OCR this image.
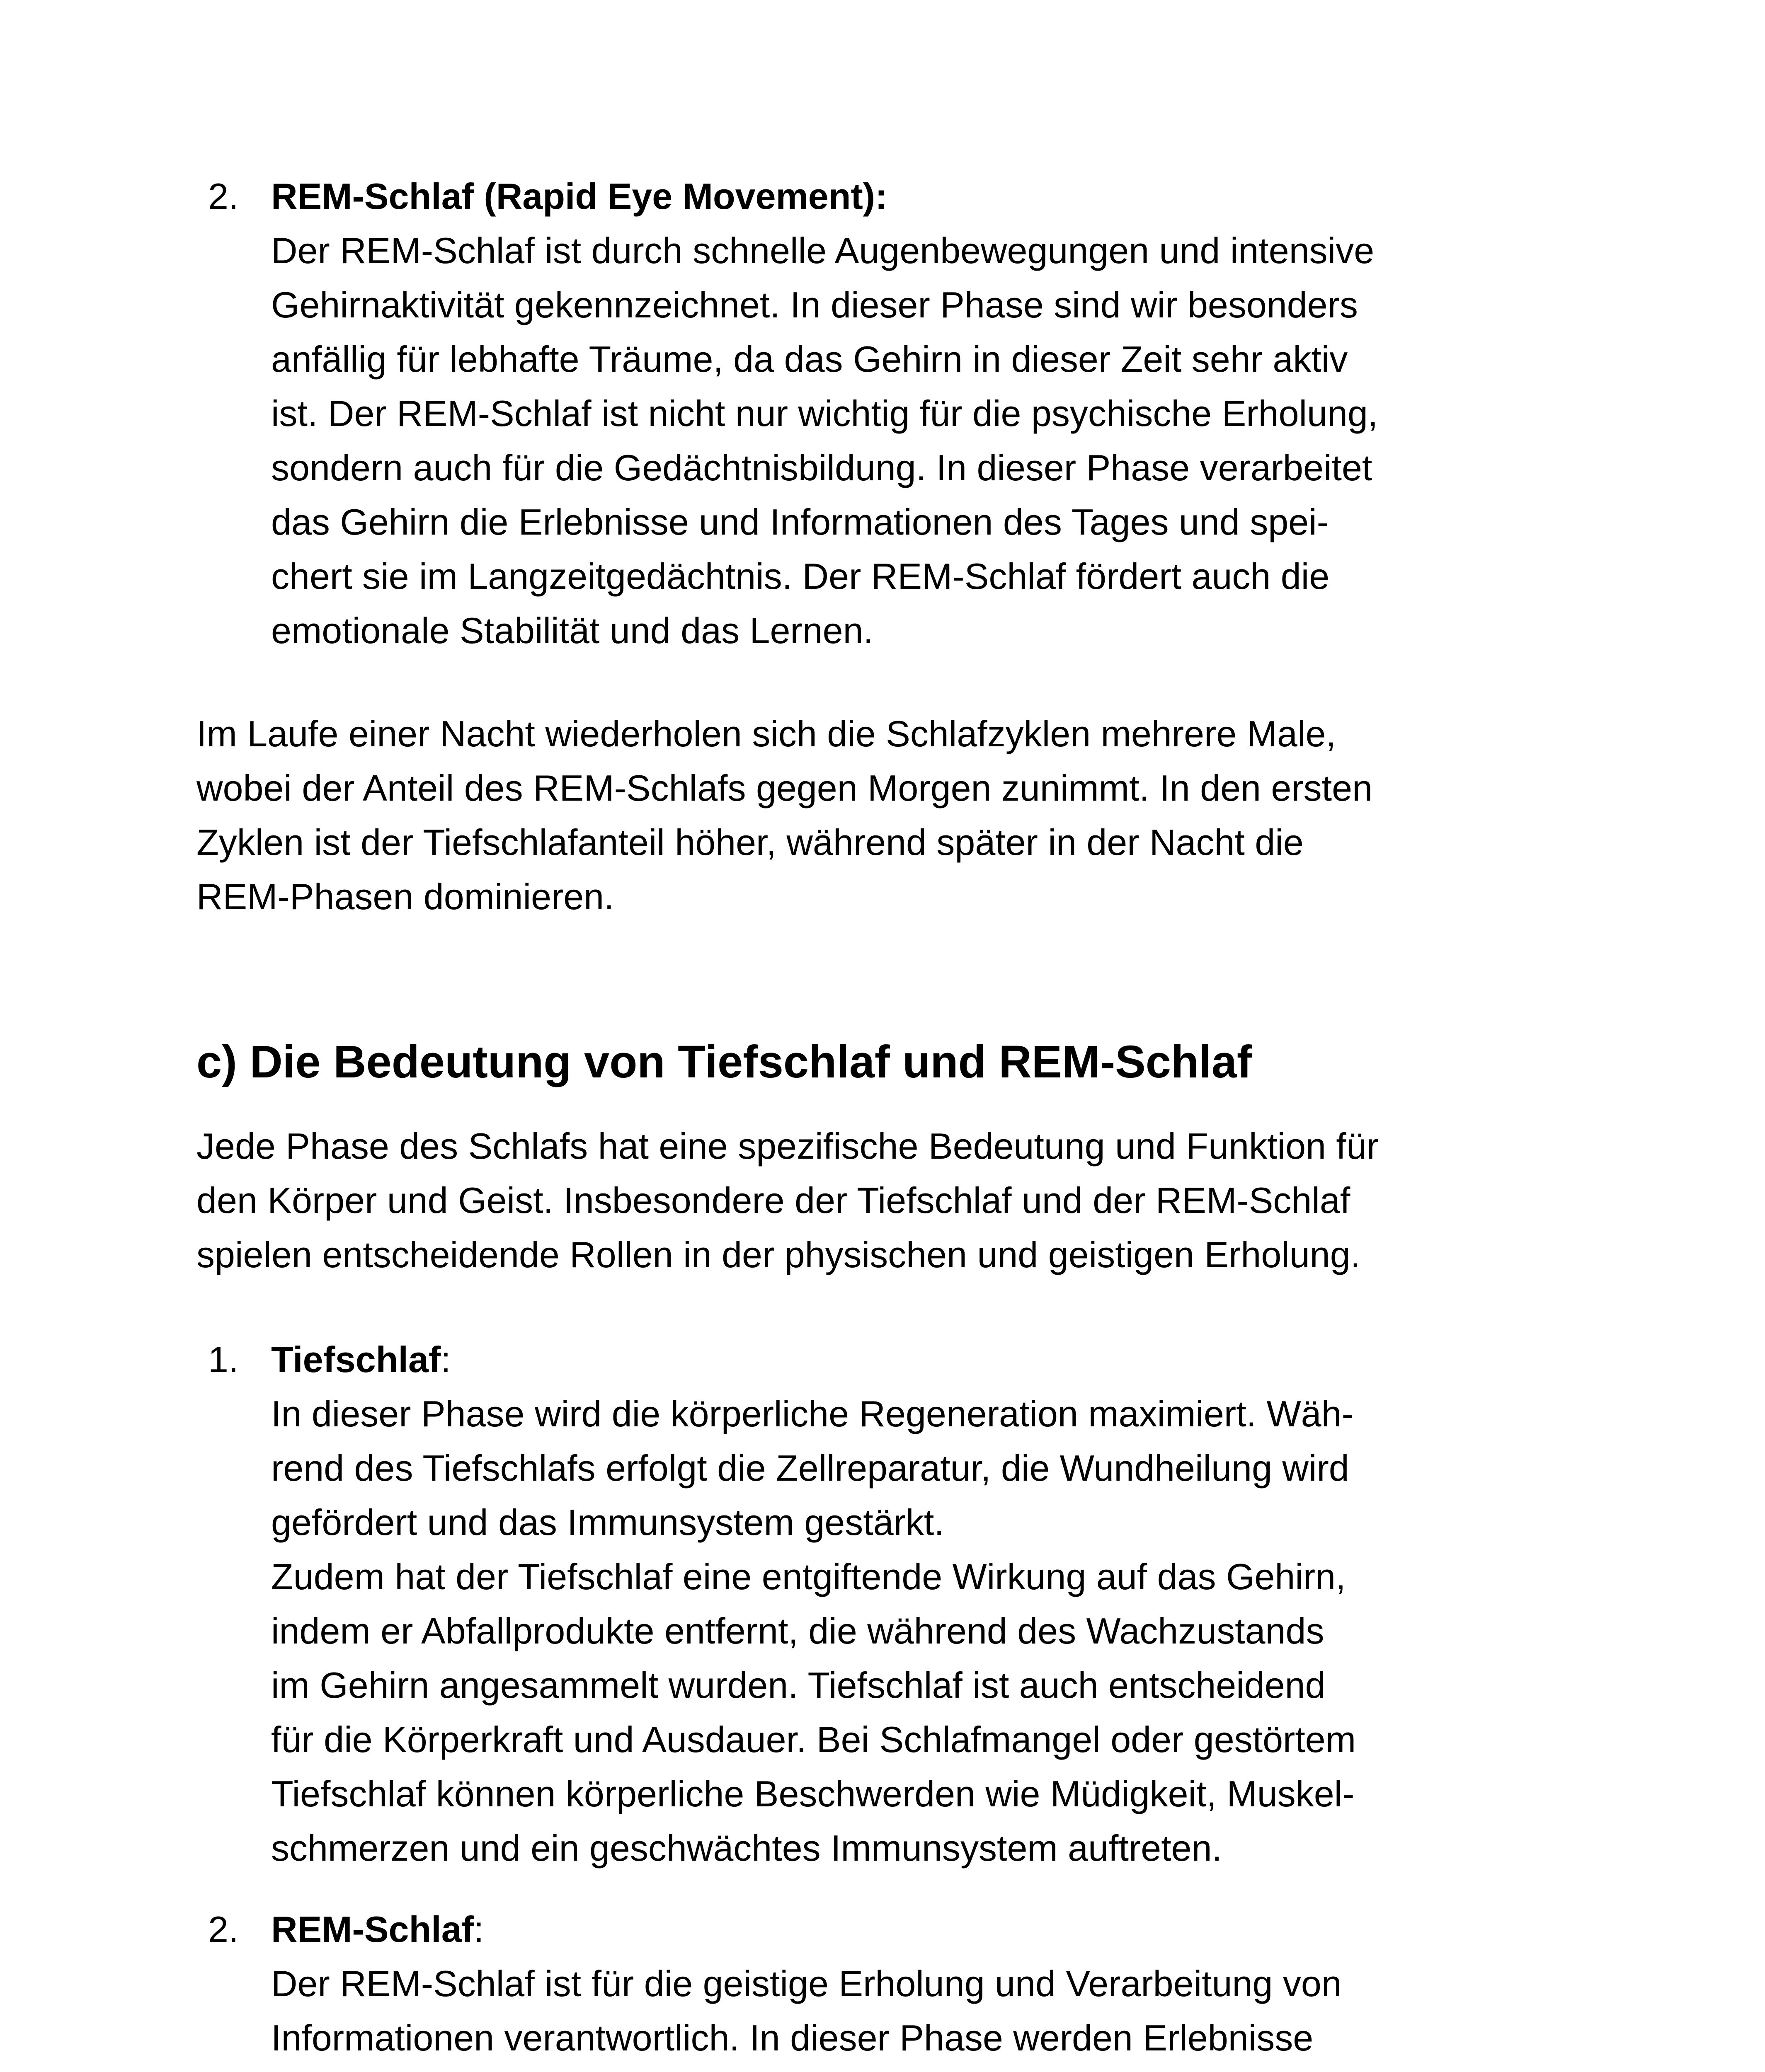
2. REM-Schlaf (Rapid Eye Movement):
Der REM-Schlaf ist durch schnelle Augenbewegungen und intensive
Gehirnaktivität gekennzeichnet. In dieser Phase sind wir besonders
anfällig für lebhafte Träume, da das Gehirn in dieser Zeit sehr aktiv
ist. Der REM-Schlaf ist nicht nur wichtig für die psychische Erholung,
sondern auch für die Gedächtnisbildung. In dieser Phase verarbeitet
das Gehirn die Erlebnisse und Informationen des Tages und spei-
chert sie im Langzeitgedächtnis. Der REM-Schlaf fördert auch die
emotionale Stabilität und das Lernen.
Im Laufe einer Nacht wiederholen sich die Schlafzyklen mehrere Male,
wobei der Anteil des REM-Schlafs gegen Morgen zunimmt. In den ersten
Zyklen ist der Tiefschlafanteil höher, während später in der Nacht die
REM-Phasen dominieren.
c) Die Bedeutung von Tiefschlaf und REM-Schlaf
Jede Phase des Schlafs hat eine spezifische Bedeutung und Funktion für
den Körper und Geist. Insbesondere der Tiefschlaf und der REM-Schlaf
spielen entscheidende Rollen in der physischen und geistigen Erholung.
1. Tiefschlaf:
In dieser Phase wird die körperliche Regeneration maximiert. Wäh-
rend des Tiefschlafs erfolgt die Zellreparatur, die Wundheilung wird
gefördert und das Immunsystem gestärkt.
Zudem hat der Tiefschlaf eine entgiftende Wirkung auf das Gehirn,
indem er Abfallprodukte entfernt, die während des Wachzustands
im Gehirn angesammelt wurden. Tiefschlaf ist auch entscheidend
für die Körperkraft und Ausdauer. Bei Schlafmangel oder gestörtem
Tiefschlaf können körperliche Beschwerden wie Müdigkeit, Muskel-
schmerzen und ein geschwächtes Immunsystem auftreten.
2. REM-Schlaf:
Der REM-Schlaf ist für die geistige Erholung und Verarbeitung von
Informationen verantwortlich. In dieser Phase werden Erlebnisse
